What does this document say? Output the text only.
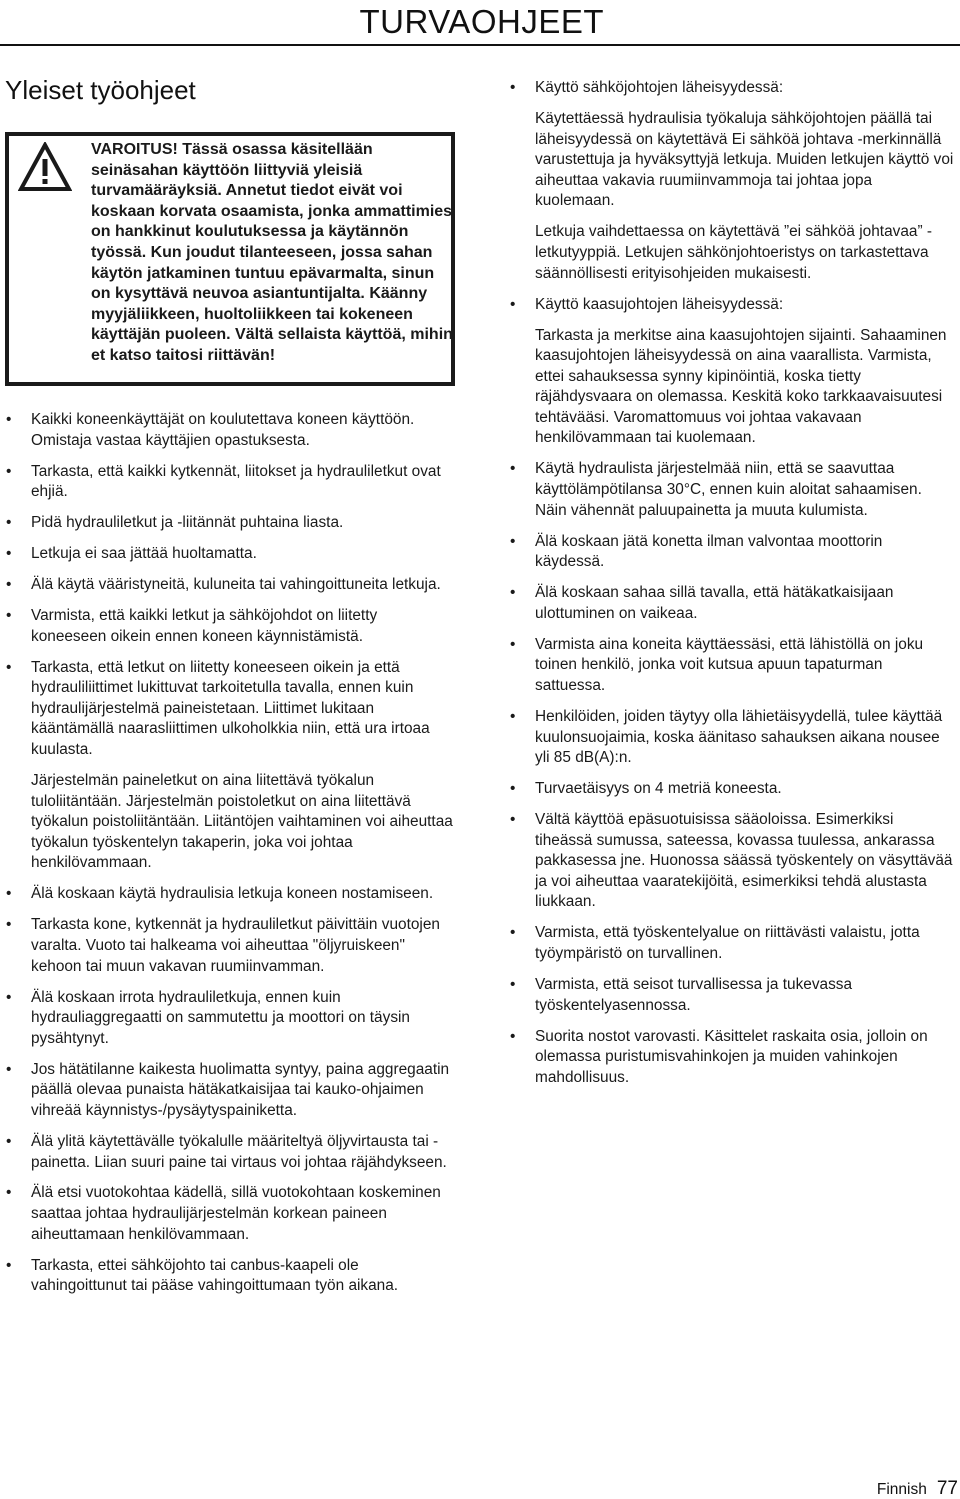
TURVAOHJEET
Yleiset työohjeet

VAROITUS! Tässä osassa käsitellään seinäsahan käyttöön liittyviä yleisiä turvamääräyksiä. Annetut tiedot eivät voi koskaan korvata osaamista, jonka ammattimies on hankkinut koulutuksessa ja käytännön työssä. Kun joudut tilanteeseen, jossa sahan käytön jatkaminen tuntuu epävarmalta, sinun on kysyttävä neuvoa asiantuntijalta. Käänny myyjäliikkeen, huoltoliikkeen tai kokeneen käyttäjän puoleen. Vältä sellaista käyttöä, mihin et katso taitosi riittävän!

• Kaikki koneenkäyttäjät on koulutettava koneen käyttöön. Omistaja vastaa käyttäjien opastuksesta.

• Tarkasta, että kaikki kytkennät, liitokset ja hydrauliletkut ovat ehjiä.

• Pidä hydrauliletkut ja -liitännät puhtaina liasta.

• Letkuja ei saa jättää huoltamatta.

• Älä käytä vääristyneitä, kuluneita tai vahingoittuneita letkuja.

• Varmista, että kaikki letkut ja sähköjohdot on liitetty koneeseen oikein ennen koneen käynnistämistä.

• Tarkasta, että letkut on liitetty koneeseen oikein ja että hydrauliliittimet lukittuvat tarkoitetulla tavalla, ennen kuin hydraulijärjestelmä paineistetaan. Liittimet lukitaan kääntämällä naarasliittimen ulkoholkkia niin, että ura irtoaa kuulasta.

Järjestelmän paineletkut on aina liitettävä työkalun tuloliitäntään. Järjestelmän poistoletkut on aina liitettävä työkalun poistoliitäntään. Liitäntöjen vaihtaminen voi aiheuttaa työkalun työskentelyn takaperin, joka voi johtaa henkilövammaan.

• Älä koskaan käytä hydraulisia letkuja koneen nostamiseen.

• Tarkasta kone, kytkennät ja hydrauliletkut päivittäin vuotojen varalta. Vuoto tai halkeama voi aiheuttaa "öljyruiskeen" kehoon tai muun vakavan ruumiinvamman.

• Älä koskaan irrota hydrauliletkuja, ennen kuin hydrauliaggregaatti on sammutettu ja moottori on täysin pysähtynyt.

• Jos hätätilanne kaikesta huolimatta syntyy, paina aggregaatin päällä olevaa punaista hätäkatkaisijaa tai kauko-ohjaimen vihreää käynnistys-/pysäytyspainiketta.

• Älä ylitä käytettävälle työkalulle määriteltyä öljyvirtausta tai -painetta. Liian suuri paine tai virtaus voi johtaa räjähdykseen.

• Älä etsi vuotokohtaa kädellä, sillä vuotokohtaan koskeminen saattaa johtaa hydraulijärjestelmän korkean paineen aiheuttamaan henkilövammaan.

• Tarkasta, ettei sähköjohto tai canbus-kaapeli ole vahingoittunut tai pääse vahingoittumaan työn aikana.

• Käyttö sähköjohtojen läheisyydessä:

Käytettäessä hydraulisia työkaluja sähköjohtojen päällä tai läheisyydessä on käytettävä Ei sähköä johtava -merkinnällä varustettuja ja hyväksyttyjä letkuja. Muiden letkujen käyttö voi aiheuttaa vakavia ruumiinvammoja tai johtaa jopa kuolemaan.

Letkuja vaihdettaessa on käytettävä ”ei sähköä johtavaa” -letkutyyppiä. Letkujen sähkönjohtoeristys on tarkastettava säännöllisesti erityisohjeiden mukaisesti.

• Käyttö kaasujohtojen läheisyydessä:

Tarkasta ja merkitse aina kaasujohtojen sijainti. Sahaaminen kaasujohtojen läheisyydessä on aina vaarallista. Varmista, ettei sahauksessa synny kipinöintiä, koska tietty räjähdysvaara on olemassa. Keskitä koko tarkkaavaisuutesi tehtävääsi. Varomattomuus voi johtaa vakavaan henkilövammaan tai kuolemaan.

• Käytä hydraulista järjestelmää niin, että se saavuttaa käyttölämpötilansa 30°C, ennen kuin aloitat sahaamisen. Näin vähennät paluupainetta ja muuta kulumista.

• Älä koskaan jätä konetta ilman valvontaa moottorin käydessä.

• Älä koskaan sahaa sillä tavalla, että hätäkatkaisijaan ulottuminen on vaikeaa.

• Varmista aina koneita käyttäessäsi, että lähistöllä on joku toinen henkilö, jonka voit kutsua apuun tapaturman sattuessa.

• Henkilöiden, joiden täytyy olla lähietäisyydellä, tulee käyttää kuulonsuojaimia, koska äänitaso sahauksen aikana nousee yli 85 dB(A):n.

• Turvaetäisyys on 4 metriä koneesta.

• Vältä käyttöä epäsuotuisissa sääoloissa. Esimerkiksi tiheässä sumussa, sateessa, kovassa tuulessa, ankarassa pakkasessa jne. Huonossa säässä työskentely on väsyttävää ja voi aiheuttaa vaaratekijöitä, esimerkiksi tehdä alustasta liukkaan.

• Varmista, että työskentelyalue on riittävästi valaistu, jotta työympäristö on turvallinen.

• Varmista, että seisot turvallisessa ja tukevassa työskentelyasennossa.

• Suorita nostot varovasti. Käsittelet raskaita osia, jolloin on olemassa puristumisvahinkojen ja muiden vahinkojen mahdollisuus.

Finnish 77
